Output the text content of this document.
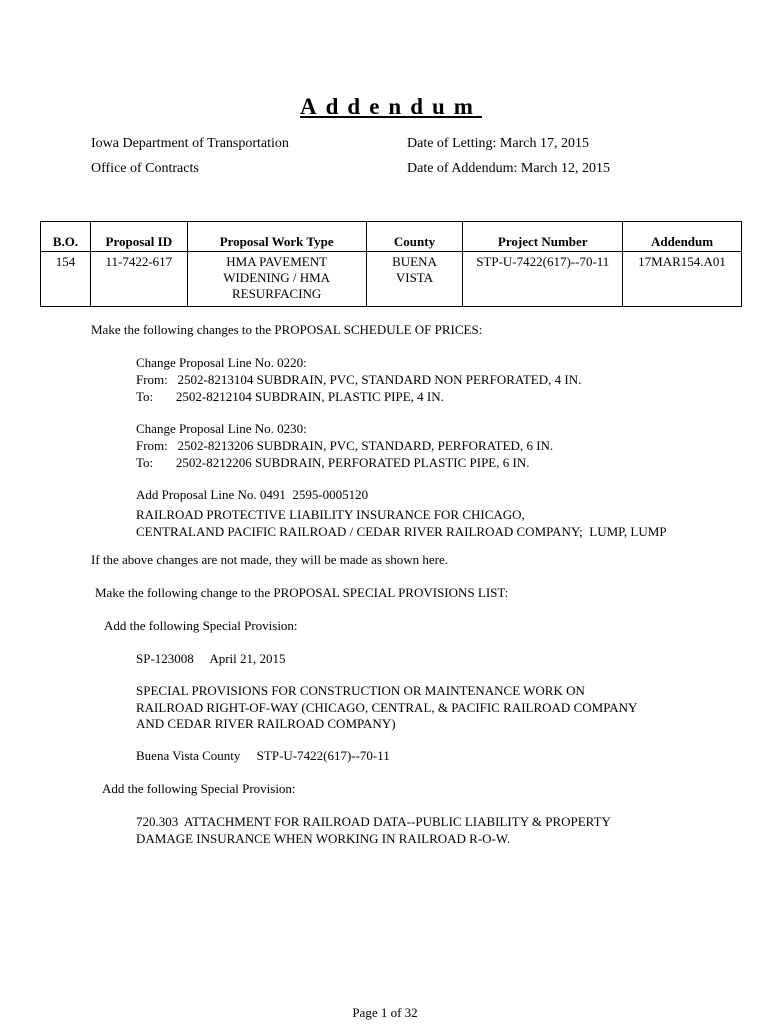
Addendum
Iowa Department of Transportation
Office of Contracts
Date of Letting: March 17, 2015
Date of Addendum: March 12, 2015
B.O.	Proposal ID	Proposal Work Type	County	Project Number	Addendum
154	11-7422-617	HMA PAVEMENT WIDENING / HMA RESURFACING	BUENA VISTA	STP-U-7422(617)--70-11	17MAR154.A01
Make the following changes to the PROPOSAL SCHEDULE OF PRICES:
Change Proposal Line No. 0220:
From:   2502-8213104 SUBDRAIN, PVC, STANDARD NON PERFORATED, 4 IN.
To:       2502-8212104 SUBDRAIN, PLASTIC PIPE, 4 IN.
Change Proposal Line No. 0230:
From:   2502-8213206 SUBDRAIN, PVC, STANDARD, PERFORATED, 6 IN.
To:       2502-8212206 SUBDRAIN, PERFORATED PLASTIC PIPE, 6 IN.
Add Proposal Line No. 0491  2595-0005120
RAILROAD PROTECTIVE LIABILITY INSURANCE FOR CHICAGO,
CENTRALAND PACIFIC RAILROAD / CEDAR RIVER RAILROAD COMPANY;  LUMP, LUMP
If the above changes are not made, they will be made as shown here.
Make the following change to the PROPOSAL SPECIAL PROVISIONS LIST:
Add the following Special Provision:
SP-123008     April 21, 2015
SPECIAL PROVISIONS FOR CONSTRUCTION OR MAINTENANCE WORK ON
RAILROAD RIGHT-OF-WAY (CHICAGO, CENTRAL, & PACIFIC RAILROAD COMPANY
AND CEDAR RIVER RAILROAD COMPANY)
Buena Vista County     STP-U-7422(617)--70-11
Add the following Special Provision:
720.303  ATTACHMENT FOR RAILROAD DATA--PUBLIC LIABILITY & PROPERTY
DAMAGE INSURANCE WHEN WORKING IN RAILROAD R-O-W.
Page 1 of 32
